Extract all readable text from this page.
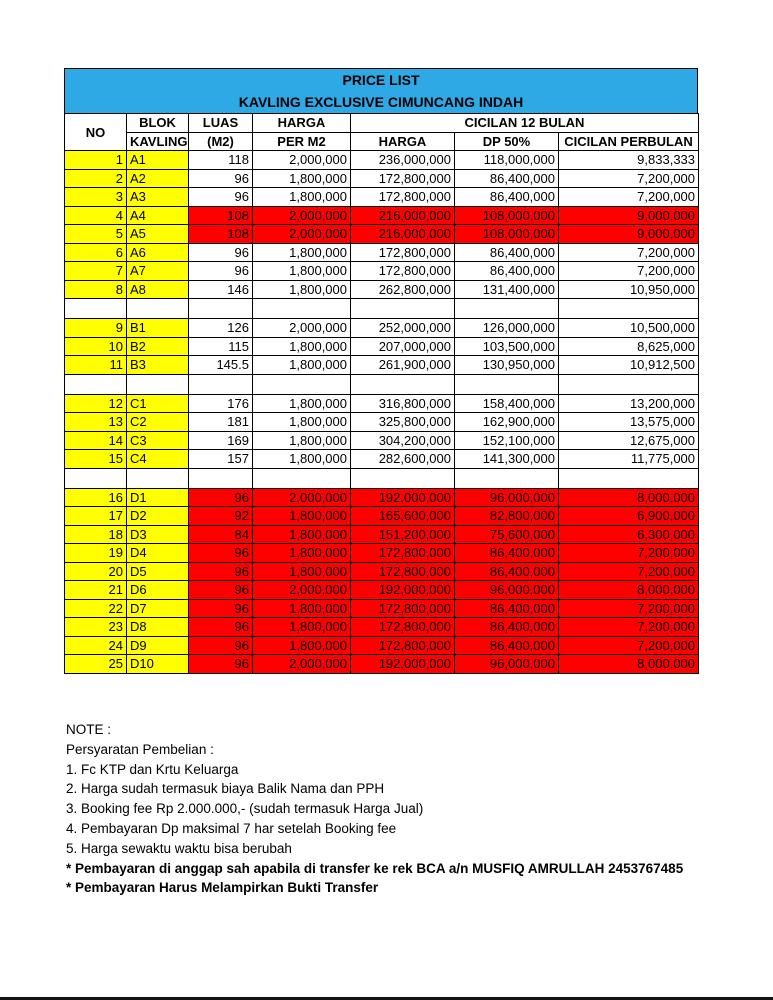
PRICE LIST
KAVLING EXCLUSIVE CIMUNCANG INDAH
NO	BLOK	LUAS	HARGA	CICILAN 12 BULAN		
	KAVLING	(M2)	PER M2	HARGA	DP 50%	CICILAN PERBULAN
1	A1	118	2,000,000	236,000,000	118,000,000	9,833,333
2	A2	96	1,800,000	172,800,000	86,400,000	7,200,000
3	A3	96	1,800,000	172,800,000	86,400,000	7,200,000
4	A4	108	2,000,000	216,000,000	108,000,000	9,000,000
5	A5	108	2,000,000	216,000,000	108,000,000	9,000,000
6	A6	96	1,800,000	172,800,000	86,400,000	7,200,000
7	A7	96	1,800,000	172,800,000	86,400,000	7,200,000
8	A8	146	1,800,000	262,800,000	131,400,000	10,950,000

9	B1	126	2,000,000	252,000,000	126,000,000	10,500,000
10	B2	115	1,800,000	207,000,000	103,500,000	8,625,000
11	B3	145.5	1,800,000	261,900,000	130,950,000	10,912,500

12	C1	176	1,800,000	316,800,000	158,400,000	13,200,000
13	C2	181	1,800,000	325,800,000	162,900,000	13,575,000
14	C3	169	1,800,000	304,200,000	152,100,000	12,675,000
15	C4	157	1,800,000	282,600,000	141,300,000	11,775,000

16	D1	96	2,000,000	192,000,000	96,000,000	8,000,000
17	D2	92	1,800,000	165,600,000	82,800,000	6,900,000
18	D3	84	1,800,000	151,200,000	75,600,000	6,300,000
19	D4	96	1,800,000	172,800,000	86,400,000	7,200,000
20	D5	96	1,800,000	172,800,000	86,400,000	7,200,000
21	D6	96	2,000,000	192,000,000	96,000,000	8,000,000
22	D7	96	1,800,000	172,800,000	86,400,000	7,200,000
23	D8	96	1,800,000	172,800,000	86,400,000	7,200,000
24	D9	96	1,800,000	172,800,000	86,400,000	7,200,000
25	D10	96	2,000,000	192,000,000	96,000,000	8,000,000
NOTE :
Persyaratan Pembelian :
1. Fc KTP dan Krtu Keluarga
2. Harga sudah termasuk biaya Balik Nama dan PPH
3. Booking fee Rp 2.000.000,- (sudah termasuk Harga Jual)
4. Pembayaran Dp maksimal 7 har setelah Booking fee
5. Harga sewaktu waktu bisa berubah
* Pembayaran di anggap sah apabila di transfer ke rek BCA a/n MUSFIQ AMRULLAH 2453767485
* Pembayaran Harus Melampirkan Bukti Transfer
